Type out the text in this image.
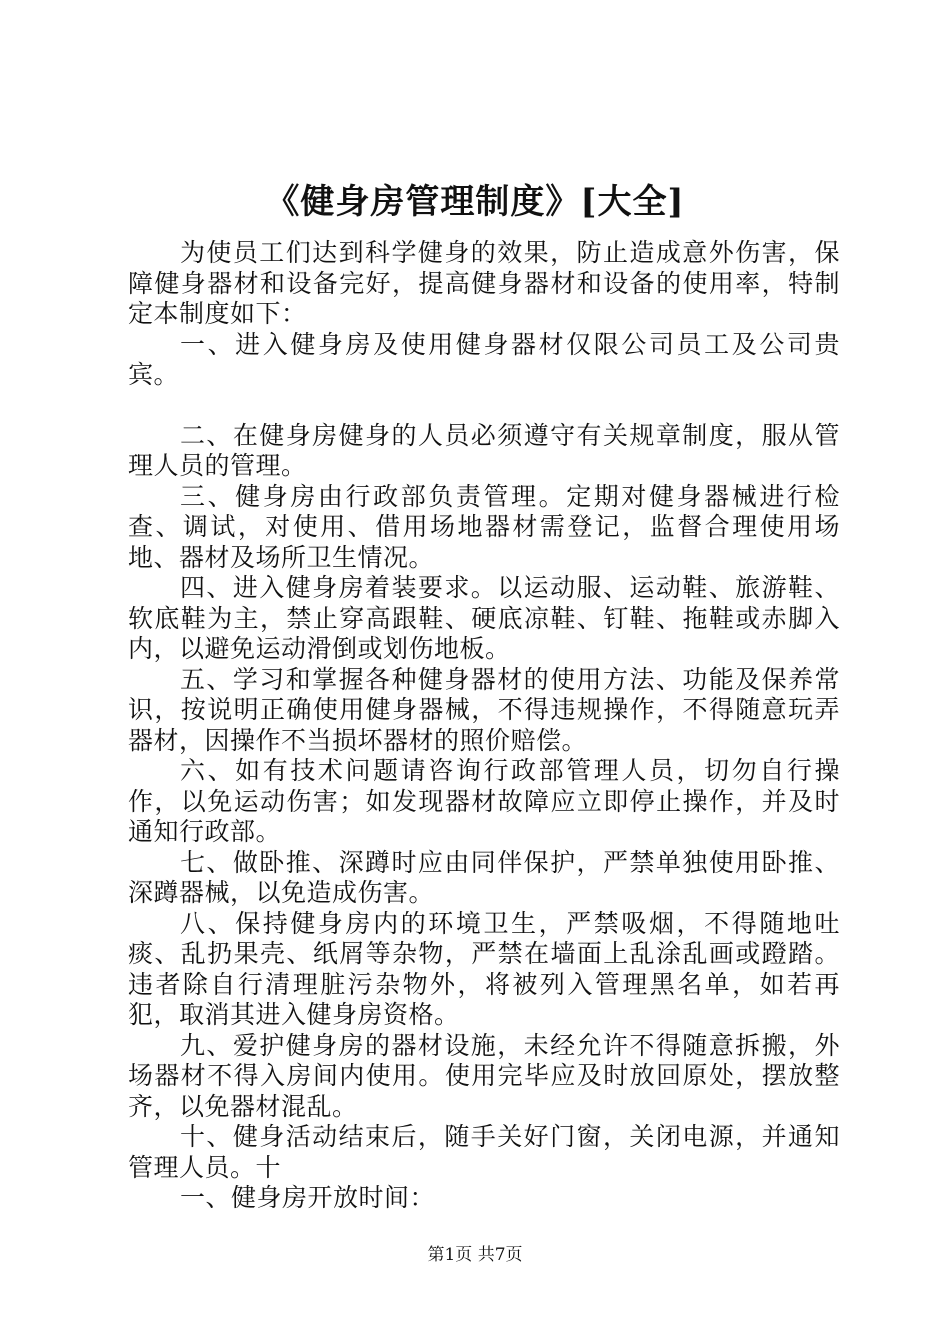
《健身房管理制度》[大全]

为使员工们达到科学健身的效果，防止造成意外伤害，保障健身器材和设备完好，提高健身器材和设备的使用率，特制定本制度如下：

一、进入健身房及使用健身器材仅限公司员工及公司贵宾。

二、在健身房健身的人员必须遵守有关规章制度，服从管理人员的管理。

三、健身房由行政部负责管理。定期对健身器械进行检查、调试，对使用、借用场地器材需登记，监督合理使用场地、器材及场所卫生情况。

四、进入健身房着装要求。以运动服、运动鞋、旅游鞋、软底鞋为主，禁止穿高跟鞋、硬底凉鞋、钉鞋、拖鞋或赤脚入内，以避免运动滑倒或划伤地板。

五、学习和掌握各种健身器材的使用方法、功能及保养常识，按说明正确使用健身器械，不得违规操作，不得随意玩弄器材，因操作不当损坏器材的照价赔偿。

六、如有技术问题请咨询行政部管理人员，切勿自行操作，以免运动伤害；如发现器材故障应立即停止操作，并及时通知行政部。

七、做卧推、深蹲时应由同伴保护，严禁单独使用卧推、深蹲器械，以免造成伤害。

八、保持健身房内的环境卫生，严禁吸烟，不得随地吐痰、乱扔果壳、纸屑等杂物，严禁在墙面上乱涂乱画或蹬踏。违者除自行清理脏污杂物外，将被列入管理黑名单，如若再犯，取消其进入健身房资格。

九、爱护健身房的器材设施，未经允许不得随意拆搬，外场器材不得入房间内使用。使用完毕应及时放回原处，摆放整齐，以免器材混乱。

十、健身活动结束后，随手关好门窗，关闭电源，并通知管理人员。十

一、健身房开放时间：

第1页 共7页
